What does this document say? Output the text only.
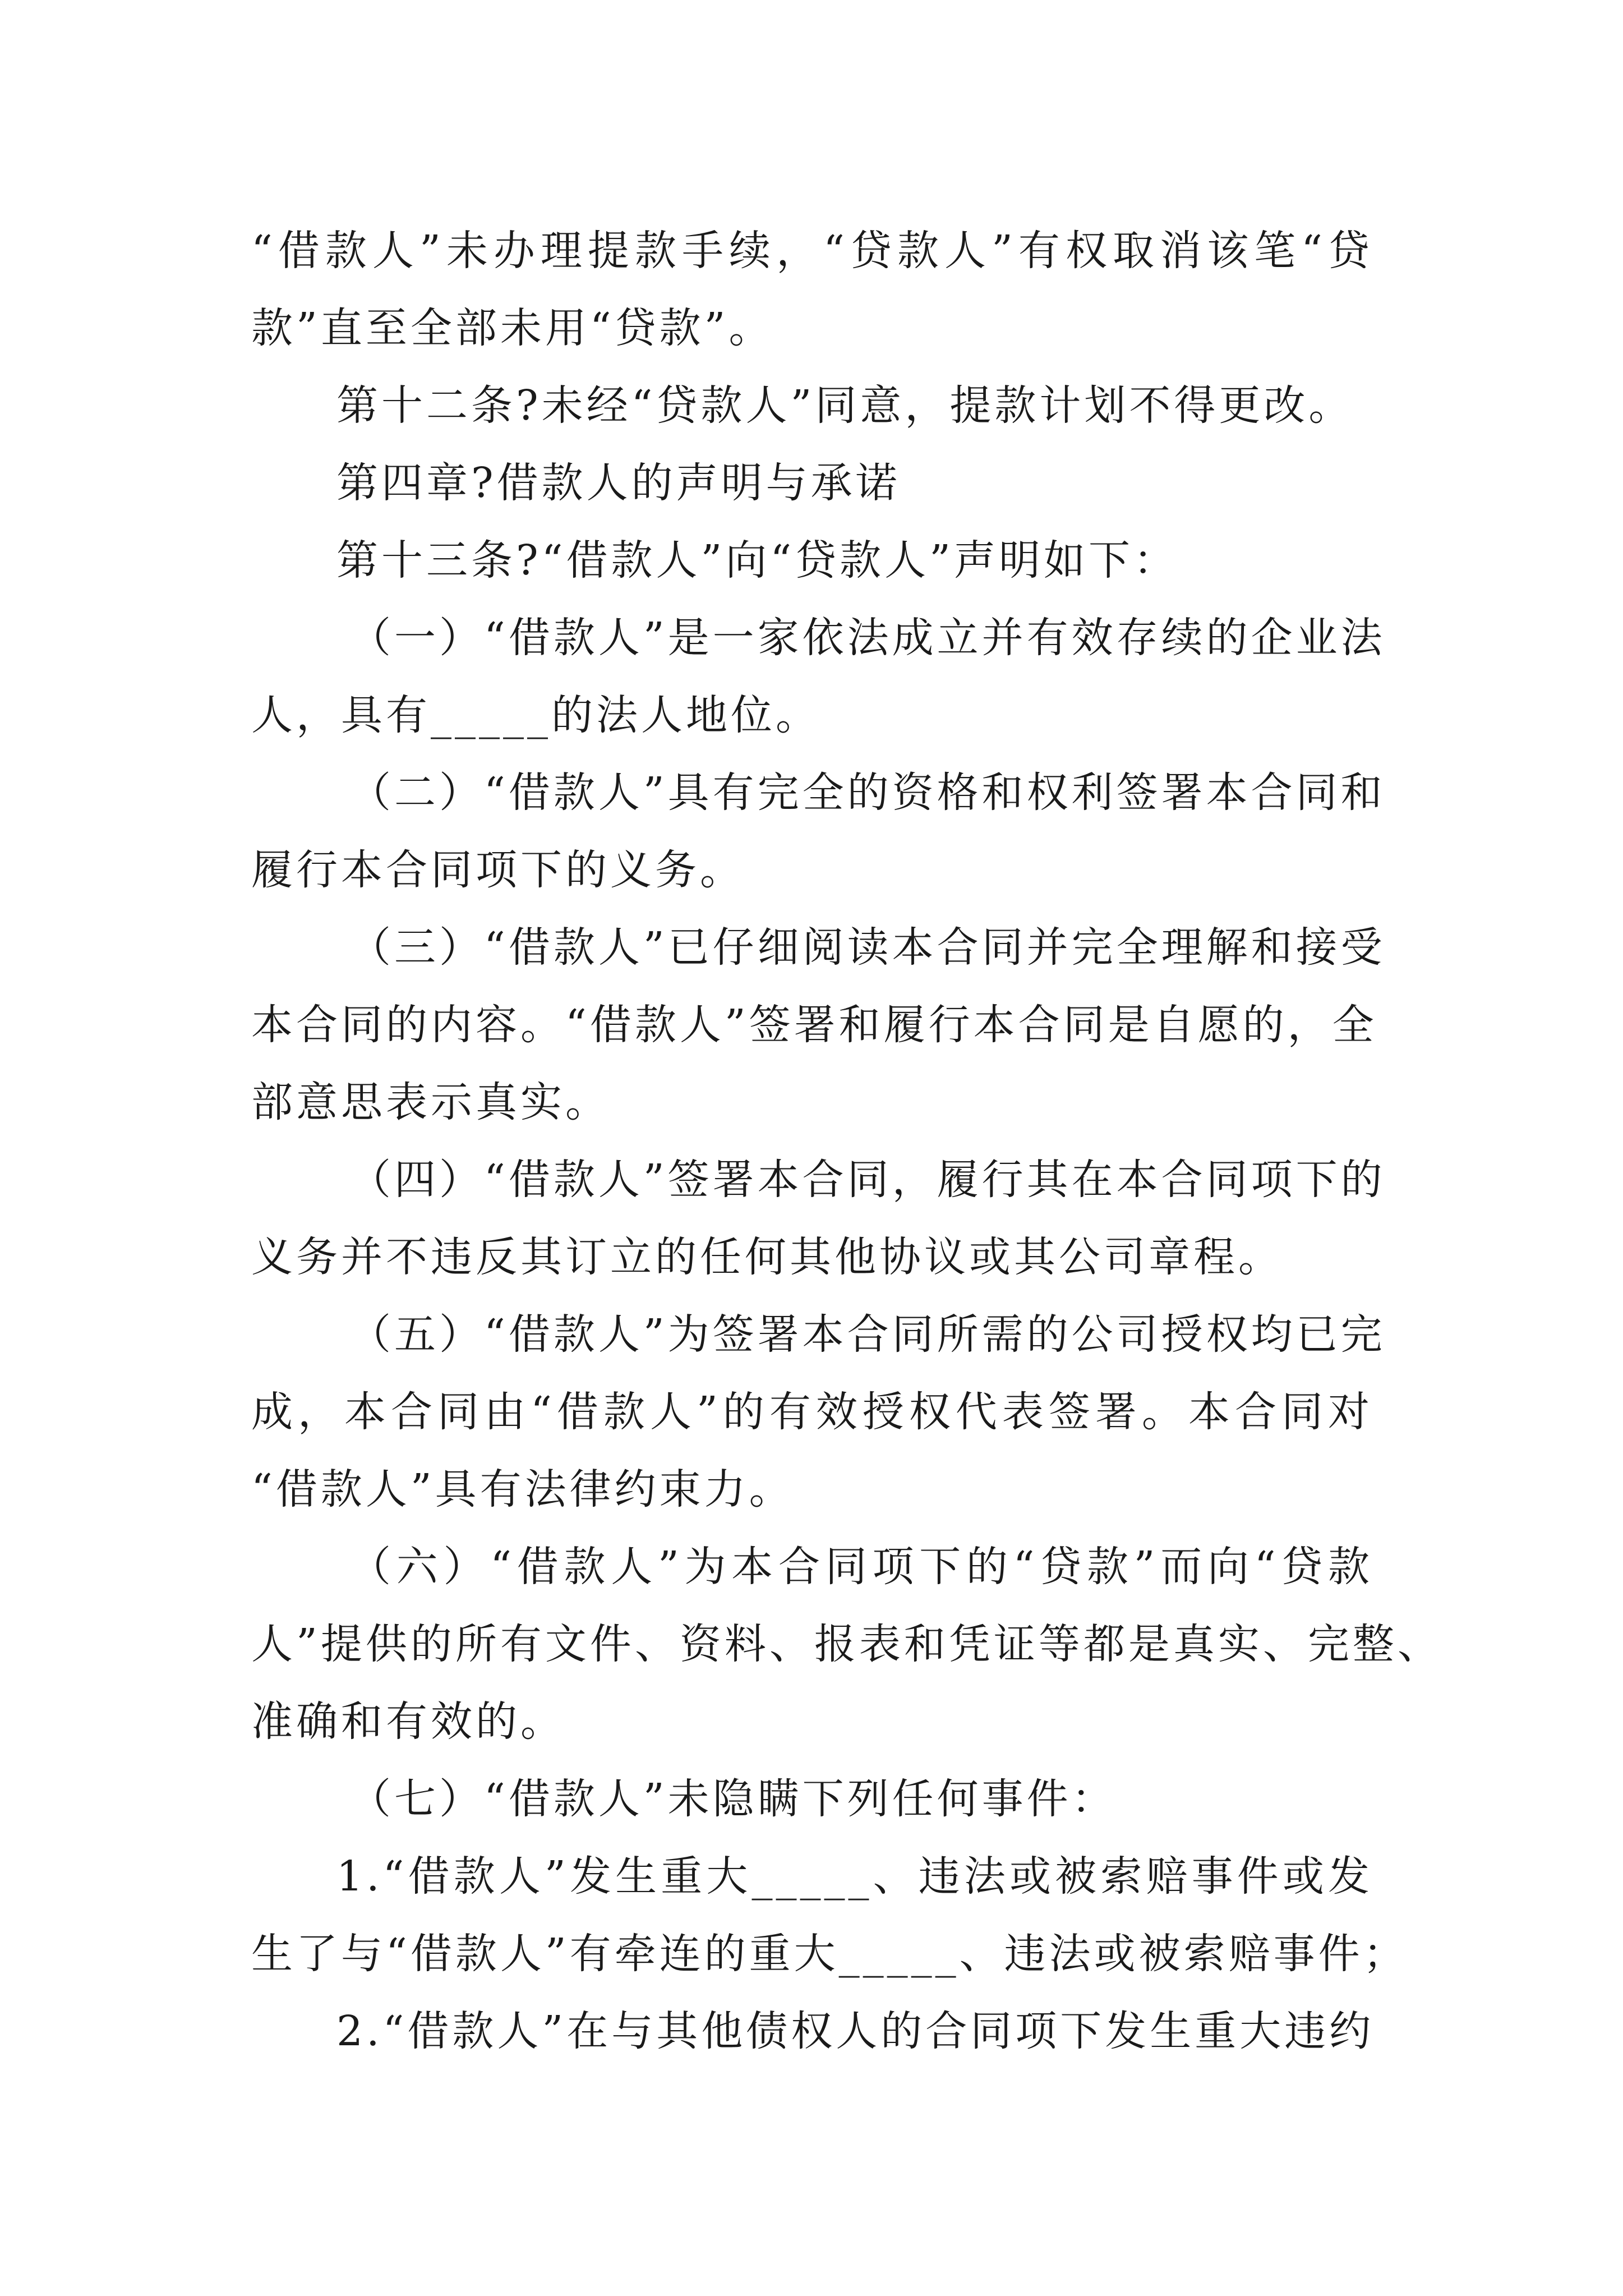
“借款人”未办理提款手续，“贷款人”有权取消该笔“贷
款”直至全部未用“贷款”。
第十二条?未经“贷款人”同意，提款计划不得更改。
第四章?借款人的声明与承诺
第十三条?“借款人”向“贷款人”声明如下：
（一）“借款人”是一家依法成立并有效存续的企业法
人，具有_____的法人地位。
（二）“借款人”具有完全的资格和权利签署本合同和
履行本合同项下的义务。
（三）“借款人”已仔细阅读本合同并完全理解和接受
本合同的内容。“借款人”签署和履行本合同是自愿的，全
部意思表示真实。
（四）“借款人”签署本合同，履行其在本合同项下的
义务并不违反其订立的任何其他协议或其公司章程。
（五）“借款人”为签署本合同所需的公司授权均已完
成，本合同由“借款人”的有效授权代表签署。本合同对
“借款人”具有法律约束力。
（六）“借款人”为本合同项下的“贷款”而向“贷款
人”提供的所有文件、资料、报表和凭证等都是真实、完整、
准确和有效的。
（七）“借款人”未隐瞒下列任何事件：
1.“借款人”发生重大_____、违法或被索赔事件或发
生了与“借款人”有牵连的重大_____、违法或被索赔事件；
2.“借款人”在与其他债权人的合同项下发生重大违约
